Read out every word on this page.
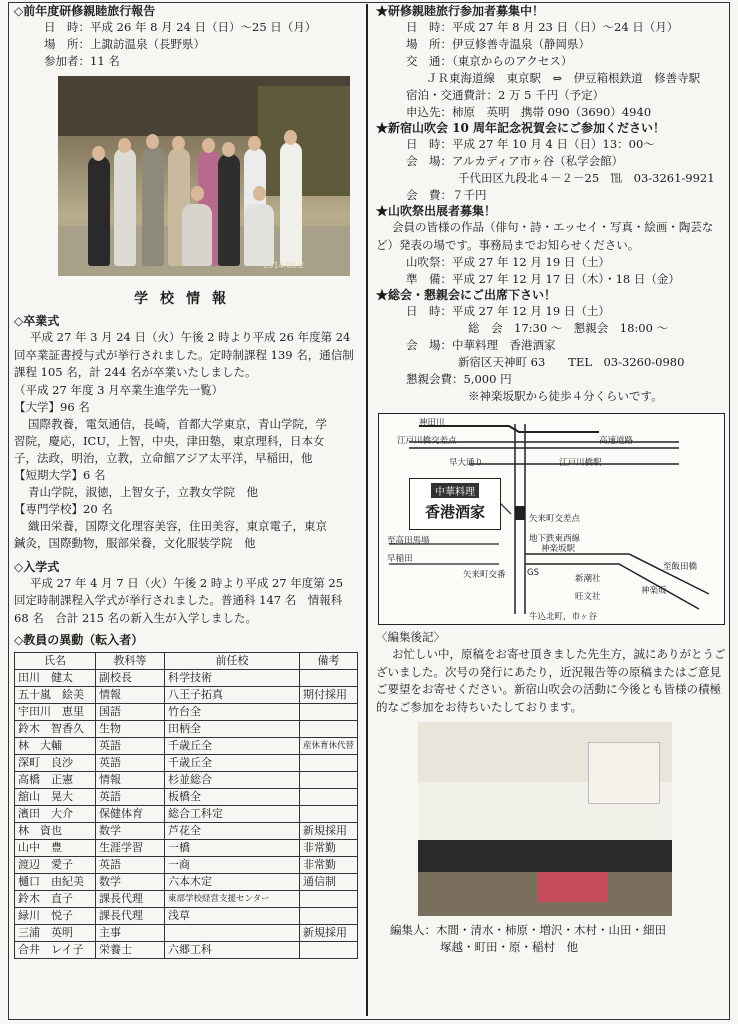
◇前年度研修親睦旅行報告

日　時：平成 26 年 8 月 24 日（日）～25 日（月）

場　所：上諏訪温泉（長野県）

参加者：11 名

2014.08.2

学校情報

◇卒業式

平成 27 年 3 月 24 日（火）午後 2 時より平成 26 年度第 24 回卒業証書授与式が挙行されました。定時制課程 139 名，通信制課程 105 名，計 244 名が卒業いたしました。

（平成 27 年度 3 月卒業生進学先一覧）

【大学】96 名

国際教養，電気通信，長崎，首都大学東京，青山学院，学

習院，慶応，ICU，上智，中央，津田塾，東京理科，日本女

子，法政，明治，立教，立命館アジア太平洋，早稲田，他

【短期大学】6 名

青山学院，淑徳，上智女子，立教女学院　他

【専門学校】20 名

織田栄養，国際文化理容美容，住田美容，東京電子，東京

鍼灸，国際動物，服部栄養，文化服装学院　他

◇入学式

平成 27 年 4 月 7 日（火）午後 2 時より平成 27 年度第 25 回定時制課程入学式が挙行されました。普通科 147 名　情報科 68 名　合計 215 名の新入生が入学しました。

◇教員の異動（転入者）

氏名	教科等	前任校	備考
田川　健太	副校長	科学技術	
五十嵐　絵美	情報	八王子拓真	期付採用
宇田川　恵里	国語	竹台全	
鈴木　智香久	生物	田柄全	
林　大輔	英語	千歳丘全	産休育休代替
深町　良沙	英語	千歳丘全	
高橋　正憲	情報	杉並総合	
舘山　晃大	英語	板橋全	
濱田　大介	保健体育	総合工科定	
林　資也	数学	芦花全	新規採用
山中　豊	生涯学習	一橋	非常勤
渡辺　愛子	英語	一商	非常勤
樋口　由紀美	数学	六本木定	通信制
鈴木　直子	課長代理	東部学校経営支援センター	
緑川　悦子	課長代理	浅草	
三浦　英明	主事		新規採用
合井　レイ子	栄養士	六郷工科	

★研修親睦旅行参加者募集中！

日　時：平成 27 年 8 月 23 日（日）～24 日（月）

場　所：伊豆修善寺温泉（静岡県）

交　通：（東京からのアクセス）

ＪＲ東海道線　東京駅　⇔　伊豆箱根鉄道　修善寺駅

宿泊・交通費計：2 万 5 千円（予定）

申込先：柿原　英明　携帯 090（3690）4940

★新宿山吹会 10 周年記念祝賀会にご参加ください！

日　時：平成 27 年 10 月 4 日（日）13：00～

会　場：アルカディア市ヶ谷（私学会館）

千代田区九段北４－２－25　℡　03-3261-9921

会　費：７千円

★山吹祭出展者募集！

会員の皆様の作品（俳句・詩・エッセイ・写真・絵画・陶芸など）発表の場です。事務局までお知らせください。

山吹祭：平成 27 年 12 月 19 日（土）

準　備：平成 27 年 12 月 17 日（木）・18 日（金）

★総会・懇親会にご出席下さい！

日　時：平成 27 年 12 月 19 日（土）

総　会　17:30 ～　懇親会　18:00 ～

会　場：中華料理　香港酒家

新宿区天神町 63　　TEL　03-3260-0980

懇親会費：5,000 円

※神楽坂駅から徒歩４分くらいです。

神田川
江戸川橋交差点	高速道路
早大通り	江戸川橋駅
矢来町交差点
地下鉄東西線
神楽坂駅
至高田馬場
早稲田
矢来町交番	GS
新潮社
旺文社
牛込北町，市ヶ谷
神楽坂
至飯田橋
中華料理
香港酒家

〈編集後記〉

お忙しい中，原稿をお寄せ頂きました先生方，誠にありがとうございました。次号の発行にあたり，近況報告等の原稿またはご意見ご要望をお寄せください。新宿山吹会の活動に今後とも皆様の積極的なご参加をお待ちいたしております。

編集人：木間・清水・柿原・増沢・木村・山田・細田

塚越・町田・原・稲村　他
